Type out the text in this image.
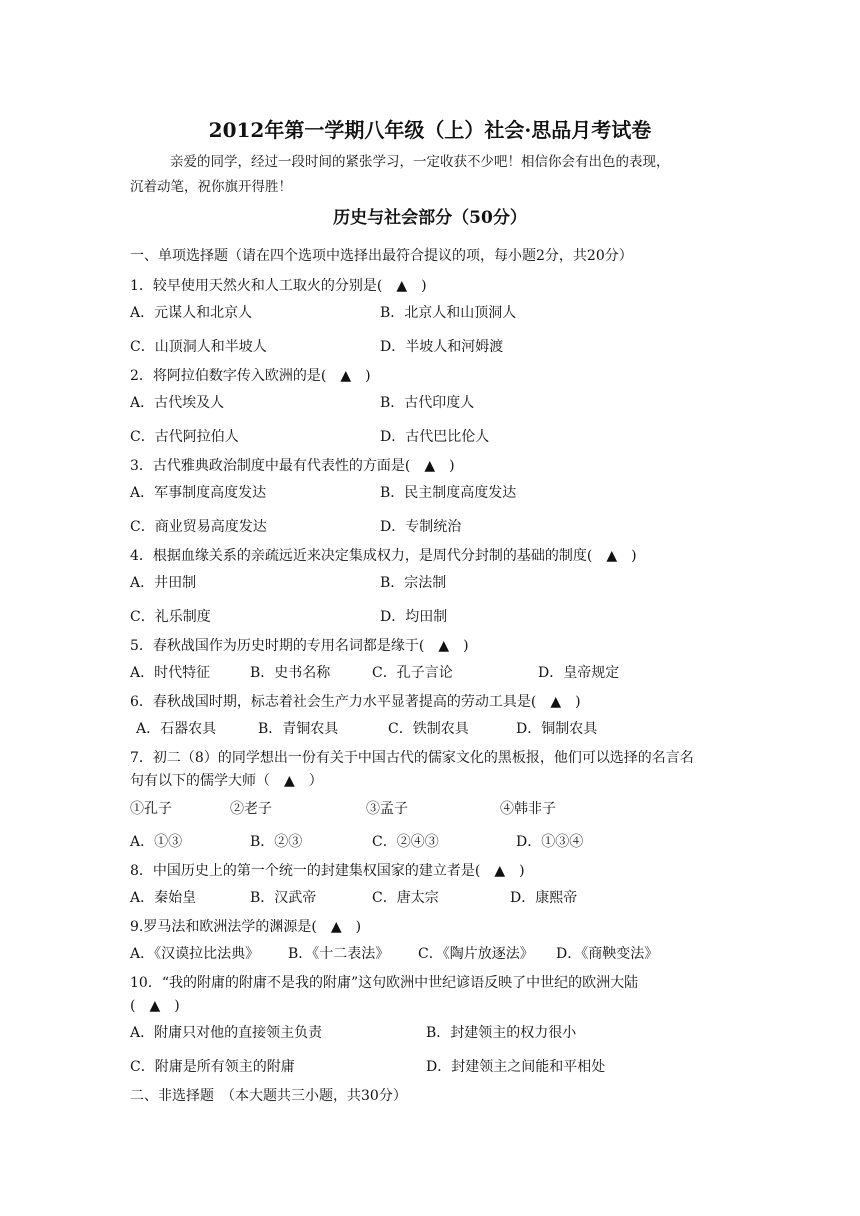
2012年第一学期八年级（上）社会·思品月考试卷
亲爱的同学，经过一段时间的紧张学习，一定收获不少吧！相信你会有出色的表现，
沉着动笔，祝你旗开得胜！
历史与社会部分（50分）
一、单项选择题（请在四个选项中选择出最符合提议的项，每小题2分，共20分）
1．较早使用天然火和人工取火的分别是(　▲　)
A．元谋人和北京人	B．北京人和山顶洞人
C．山顶洞人和半坡人	D．半坡人和河姆渡
2．将阿拉伯数字传入欧洲的是(　▲　)
A．古代埃及人	B．古代印度人
C．古代阿拉伯人	D．古代巴比伦人
3．古代雅典政治制度中最有代表性的方面是(　▲　)
A．军事制度高度发达	B．民主制度高度发达
C．商业贸易高度发达	D．专制统治
4．根据血缘关系的亲疏远近来决定集成权力，是周代分封制的基础的制度(　▲　)
A．井田制	B．宗法制
C．礼乐制度	D．均田制
5．春秋战国作为历史时期的专用名词都是缘于(　▲　)
A．时代特征	B．史书名称	C．孔子言论	D．皇帝规定
6．春秋战国时期，标志着社会生产力水平显著提高的劳动工具是(　▲　)
A．石器农具	B．青铜农具	C．铁制农具	D．铜制农具
7．初二（8）的同学想出一份有关于中国古代的儒家文化的黑板报，他们可以选择的名言名
句有以下的儒学大师（　▲　）
①孔子	②老子	③孟子	④韩非子
A．①③	B．②③	C．②④③	D．①③④
8．中国历史上的第一个统一的封建集权国家的建立者是(　▲　)
A．秦始皇	B．汉武帝	C．唐太宗	D．康熙帝
9.罗马法和欧洲法学的渊源是(　▲　)
A．《汉谟拉比法典》 B．《十二表法》 C．《陶片放逐法》 D．《商鞅变法》
10．“我的附庸的附庸不是我的附庸”这句欧洲中世纪谚语反映了中世纪的欧洲大陆
(　▲　)
A．附庸只对他的直接领主负责	B．封建领主的权力很小
C．附庸是所有领主的附庸	D．封建领主之间能和平相处
二、非选择题　（本大题共三小题，共30分）
